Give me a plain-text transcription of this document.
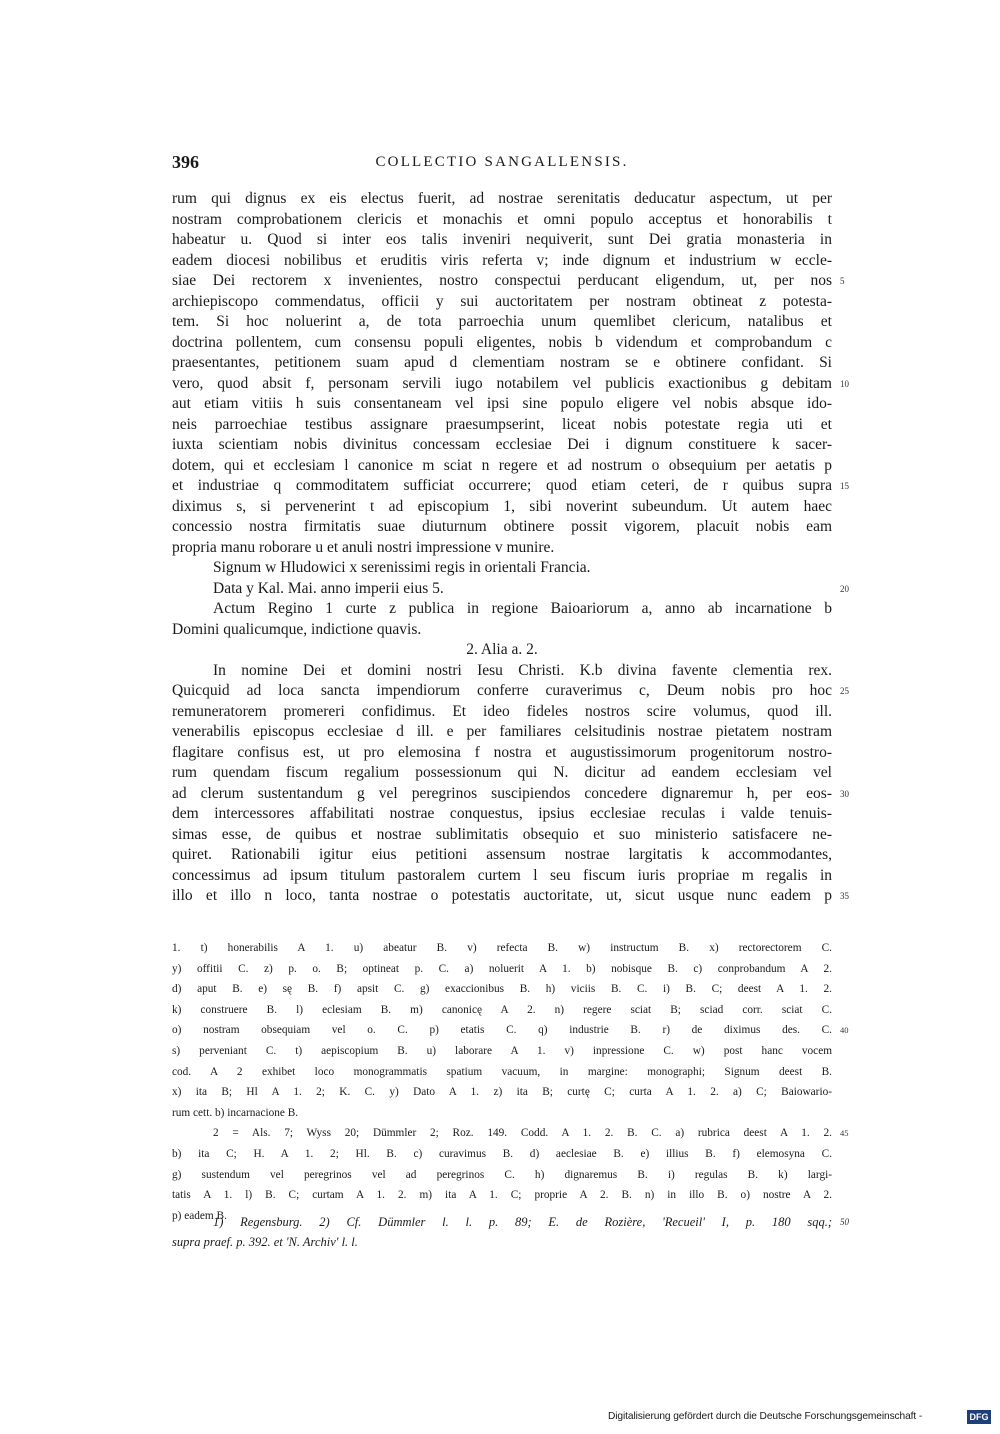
396	COLLECTIO SANGALLENSIS.
rum qui dignus ex eis electus fuerit, ad nostrae serenitatis deducatur aspectum, ut per
nostram comprobationem clericis et monachis et omni populo acceptus et honorabilis t
habeatur u. Quod si inter eos talis inveniri nequiverit, sunt Dei gratia monasteria in
eadem diocesi nobilibus et eruditis viris referta v; inde dignum et industrium w eccle-
siae Dei rectorem x invenientes, nostro conspectui perducant eligendum, ut, per nos 5
archiepiscopo commendatus, officii y sui auctoritatem per nostram obtineat z potesta-
tem. Si hoc noluerint a, de tota parroechia unum quemlibet clericum, natalibus et
doctrina pollentem, cum consensu populi eligentes, nobis b videndum et comprobandum c
praesentantes, petitionem suam apud d clementiam nostram se e obtinere confidant. Si
vero, quod absit f, personam servili iugo notabilem vel publicis exactionibus g debitam 10
aut etiam vitiis h suis consentaneam vel ipsi sine populo eligere vel nobis absque ido-
neis parroechiae testibus assignare praesumpserint, liceat nobis potestate regia uti et
iuxta scientiam nobis divinitus concessam ecclesiae Dei i dignum constituere k sacer-
dotem, qui et ecclesiam l canonice m sciat n regere et ad nostrum o obsequium per aetatis p
et industriae q commoditatem sufficiat occurrere; quod etiam ceteri, de r quibus supra 15
diximus s, si pervenerint t ad episcopium 1, sibi noverint subeundum. Ut autem haec
concessio nostra firmitatis suae diuturnum obtinere possit vigorem, placuit nobis eam
propria manu roborare u et anuli nostri impressione v munire.
Signum w Hludowici x serenissimi regis in orientali Francia.
Data y Kal. Mai. anno imperii eius 5.	20
Actum Regino 1 curte z publica in regione Baioariorum a, anno ab incarnatione b
Domini qualicumque, indictione quavis.
2. Alia a. 2.
In nomine Dei et domini nostri Iesu Christi. K.b divina favente clementia rex.
Quicquid ad loca sancta impendiorum conferre curaverimus c, Deum nobis pro hoc 25
remuneratorem promereri confidimus. Et ideo fideles nostros scire volumus, quod ill.
venerabilis episcopus ecclesiae d ill. e per familiares celsitudinis nostrae pietatem nostram
flagitare confisus est, ut pro elemosina f nostra et augustissimorum progenitorum nostro-
rum quendam fiscum regalium possessionum qui N. dicitur ad eandem ecclesiam vel
ad clerum sustentandum g vel peregrinos suscipiendos concedere dignaremur h, per eos- 30
dem intercessores affabilitati nostrae conquestus, ipsius ecclesiae reculas i valde tenuis-
simas esse, de quibus et nostrae sublimitatis obsequio et suo ministerio satisfacere ne-
quiret. Rationabili igitur eius petitioni assensum nostrae largitatis k accommodantes,
concessimus ad ipsum titulum pastoralem curtem l seu fiscum iuris propriae m regalis in
illo et illo n loco, tanta nostrae o potestatis auctoritate, ut, sicut usque nunc eadem p 35
1. t) honerabilis A 1. u) abeatur B. v) refecta B. w) instructum B. x) rectorectorem C.
y) offitii C. z) p. o. B; optineat p. C. a) noluerit A 1. b) nobisque B. c) conprobandum A 2.
d) aput B. e) sę B. f) apsit C. g) exaccionibus B. h) viciis B. C. i) B. C; deest A 1. 2.
k) construere B. l) eclesiam B. m) canonicę A 2. n) regere sciat B; sciad corr. sciat C.
o) nostram obsequiam vel o. C. p) etatis C. q) industrie B. r) de diximus des. C. 40
s) perveniant C. t) aepiscopium B. u) laborare A 1. v) inpressione C. w) post hanc vocem
cod. A 2 exhibet loco monogrammatis spatium vacuum, in margine: monographi; Signum deest B.
x) ita B; Hl A 1. 2; K. C. y) Dato A 1. z) ita B; curtę C; curta A 1. 2. a) C; Baiowario-
rum cett. b) incarnacione B.
2 = Als. 7; Wyss 20; Dümmler 2; Roz. 149. Codd. A 1. 2. B. C. a) rubrica deest A 1. 2. 45
b) ita C; H. A 1. 2; Hl. B. c) curavimus B. d) aeclesiae B. e) illius B. f) elemosyna C.
g) sustendum vel peregrinos vel ad peregrinos C. h) dignaremus B. i) regulas B. k) largi-
tatis A 1. l) B. C; curtam A 1. 2. m) ita A 1. C; proprie A 2. B. n) in illo B. o) nostre A 2.
p) eadem B.
1) Regensburg. 2) Cf. Dümmler l. l. p. 89; E. de Rozière, 'Recueil' I, p. 180 sqq.; 50
supra praef. p. 392. et 'N. Archiv' l. l.
Digitalisierung gefördert durch die Deutsche Forschungsgemeinschaft -	DFG
